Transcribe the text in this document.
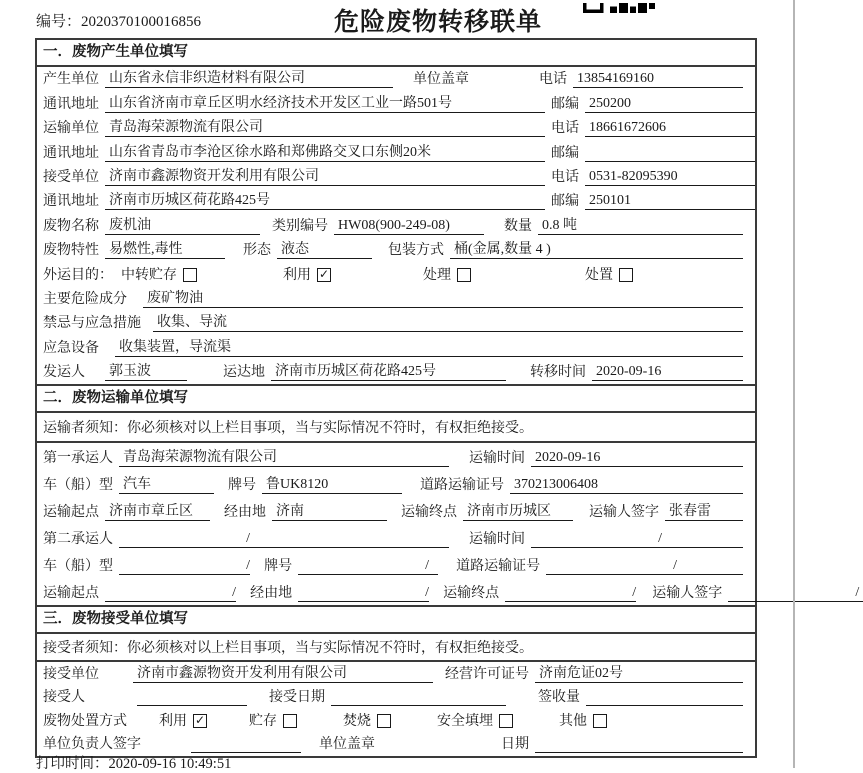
编号：2020370100016856	危险废物转移联单
一．废物产生单位填写
产生单位 山东省永信非织造材料有限公司	单位盖章	电话 13854169160
通讯地址 山东省济南市章丘区明水经济技术开发区工业一路501号	邮编 250200
运输单位 青岛海荣源物流有限公司	电话 18661672606
通讯地址 山东省青岛市李沧区徐水路和郑佛路交叉口东侧20米	邮编
接受单位 济南市鑫源物资开发利用有限公司	电话 0531-82095390
通讯地址 济南市历城区荷花路425号	邮编 250101
废物名称 废机油	类别编号 HW08(900-249-08)	数量 0.8 吨
废物特性 易燃性,毒性	形态 液态	包装方式 桶(金属,数量 4 )
外运目的： 中转贮存	利用 ✓	处理	处置
主要危险成分 废矿物油
禁忌与应急措施 收集、导流
应急设备 收集装置，导流渠
发运人 郭玉波	运达地 济南市历城区荷花路425号	转移时间 2020-09-16
二．废物运输单位填写
运输者须知：你必须核对以上栏目事项，当与实际情况不符时，有权拒绝接受。
第一承运人 青岛海荣源物流有限公司	运输时间 2020-09-16
车（船）型 汽车	牌号 鲁UK8120	道路运输证号 370213006408
运输起点 济南市章丘区	经由地 济南	运输终点 济南市历城区	运输人签字 张春雷
第二承运人	/	运输时间	/
车（船）型	/ 牌号	/	道路运输证号	/
运输起点	/ 经由地	/ 运输终点	/ 运输人签字	/
三．废物接受单位填写
接受者须知：你必须核对以上栏目事项，当与实际情况不符时，有权拒绝接受。
接受单位	济南市鑫源物资开发利用有限公司	经营许可证号 济南危证02号
接受人	接受日期	签收量
废物处置方式 利用 ✓	贮存	焚烧	安全填埋	其他
单位负责人签字	单位盖章	日期
打印时间：2020-09-16 10:49:51
